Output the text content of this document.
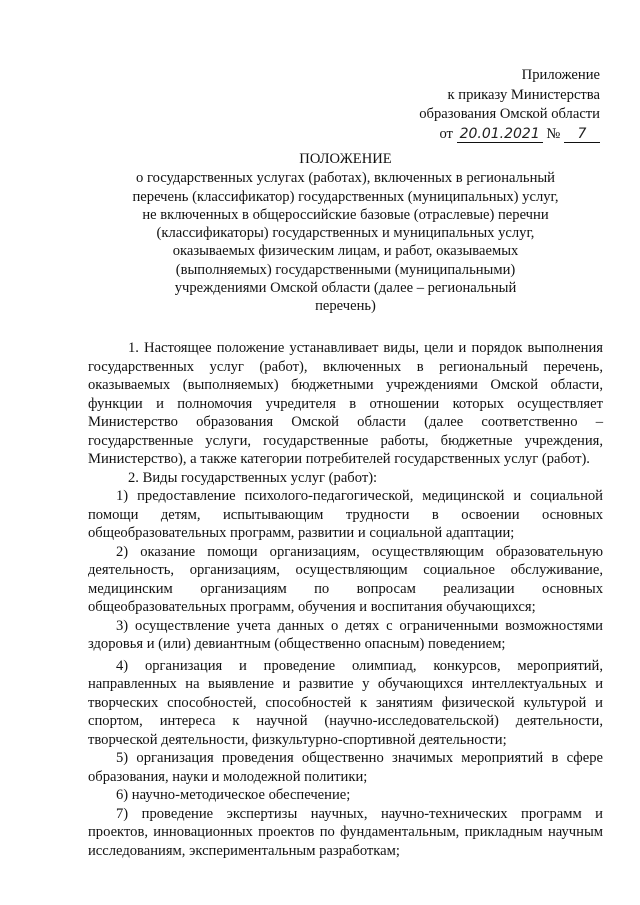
Приложение
к приказу Министерства
образования Омской области
от 20.01.2021 № 7
ПОЛОЖЕНИЕ
о государственных услугах (работах), включенных в региональный
перечень (классификатор) государственных (муниципальных) услуг,
не включенных в общероссийские базовые (отраслевые) перечни
(классификаторы) государственных и муниципальных услуг,
оказываемых физическим лицам, и работ, оказываемых
(выполняемых) государственными (муниципальными)
учреждениями Омской области (далее – региональный
перечень)

1. Настоящее положение устанавливает виды, цели и порядок выполнения государственных услуг (работ), включенных в региональный перечень, оказываемых (выполняемых) бюджетными учреждениями Омской области, функции и полномочия учредителя в отношении которых осуществляет Министерство образования Омской области (далее соответственно – государственные услуги, государственные работы, бюджетные учреждения, Министерство), а также категории потребителей государственных услуг (работ).

2. Виды государственных услуг (работ):

1) предоставление психолого-педагогической, медицинской и социальной помощи детям, испытывающим трудности в освоении основных общеобразовательных программ, развитии и социальной адаптации;

2) оказание помощи организациям, осуществляющим образовательную деятельность, организациям, осуществляющим социальное обслуживание, медицинским организациям по вопросам реализации основных общеобразовательных программ, обучения и воспитания обучающихся;

3) осуществление учета данных о детях с ограниченными возможностями здоровья и (или) девиантным (общественно опасным) поведением;

4) организация и проведение олимпиад, конкурсов, мероприятий, направленных на выявление и развитие у обучающихся интеллектуальных и творческих способностей, способностей к занятиям физической культурой и спортом, интереса к научной (научно-исследовательской) деятельности, творческой деятельности, физкультурно-спортивной деятельности;

5) организация проведения общественно значимых мероприятий в сфере образования, науки и молодежной политики;

6) научно-методическое обеспечение;

7) проведение экспертизы научных, научно-технических программ и проектов, инновационных проектов по фундаментальным, прикладным научным исследованиям, экспериментальным разработкам;
